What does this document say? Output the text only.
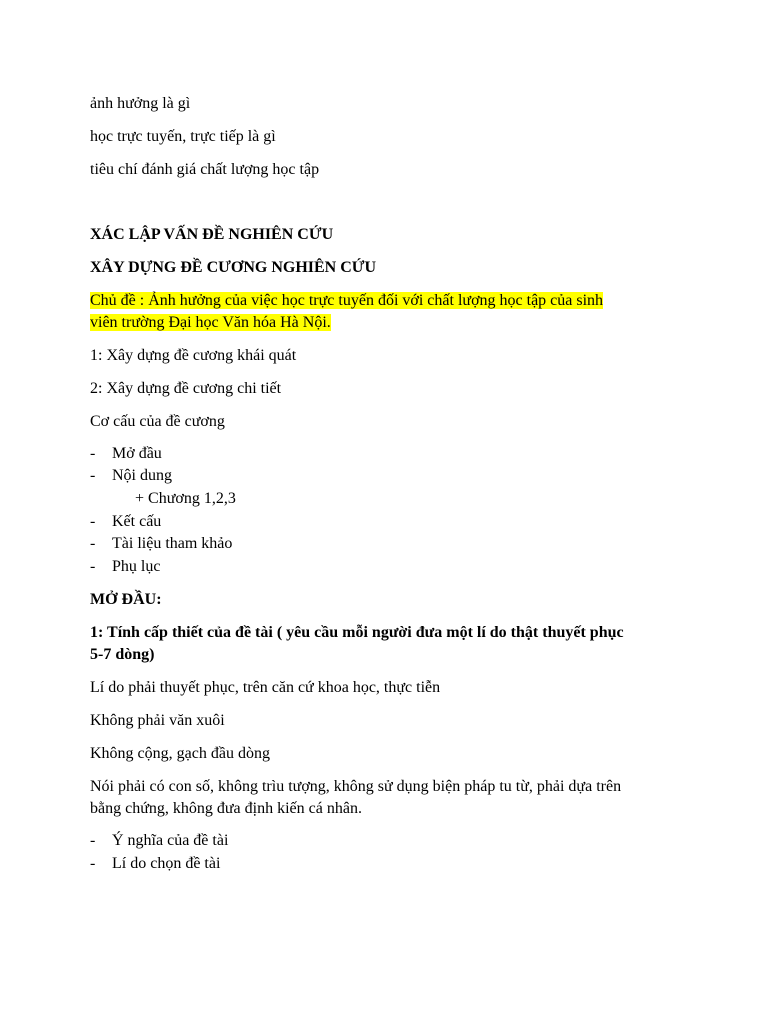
ảnh hưởng là gì
học trực tuyến, trực tiếp là gì
tiêu chí đánh giá chất lượng học tập
XÁC LẬP VẤN ĐỀ NGHIÊN CỨU
XÂY DỰNG ĐỀ CƯƠNG NGHIÊN CỨU
Chủ đề : Ảnh hưởng của việc học trực tuyến đối với chất lượng học tập của sinh
viên trường Đại học Văn hóa Hà Nội.
1: Xây dựng đề cương khái quát
2: Xây dựng đề cương chi tiết
Cơ cấu của đề cương
-	Mở đầu
-	Nội dung
+ Chương 1,2,3
-	Kết cấu
-	Tài liệu tham khảo
-	Phụ lục
MỞ ĐẦU:
1: Tính cấp thiết của đề tài ( yêu cầu mỗi người đưa một lí do thật thuyết phục
5-7 dòng)
Lí do phải thuyết phục, trên căn cứ khoa học, thực tiễn
Không phải văn xuôi
Không cộng, gạch đầu dòng
Nói phải có con số, không trìu tượng, không sử dụng biện pháp tu từ, phải dựa trên
bằng chứng, không đưa định kiến cá nhân.
-	Ý nghĩa của đề tài
-	Lí do chọn đề tài
